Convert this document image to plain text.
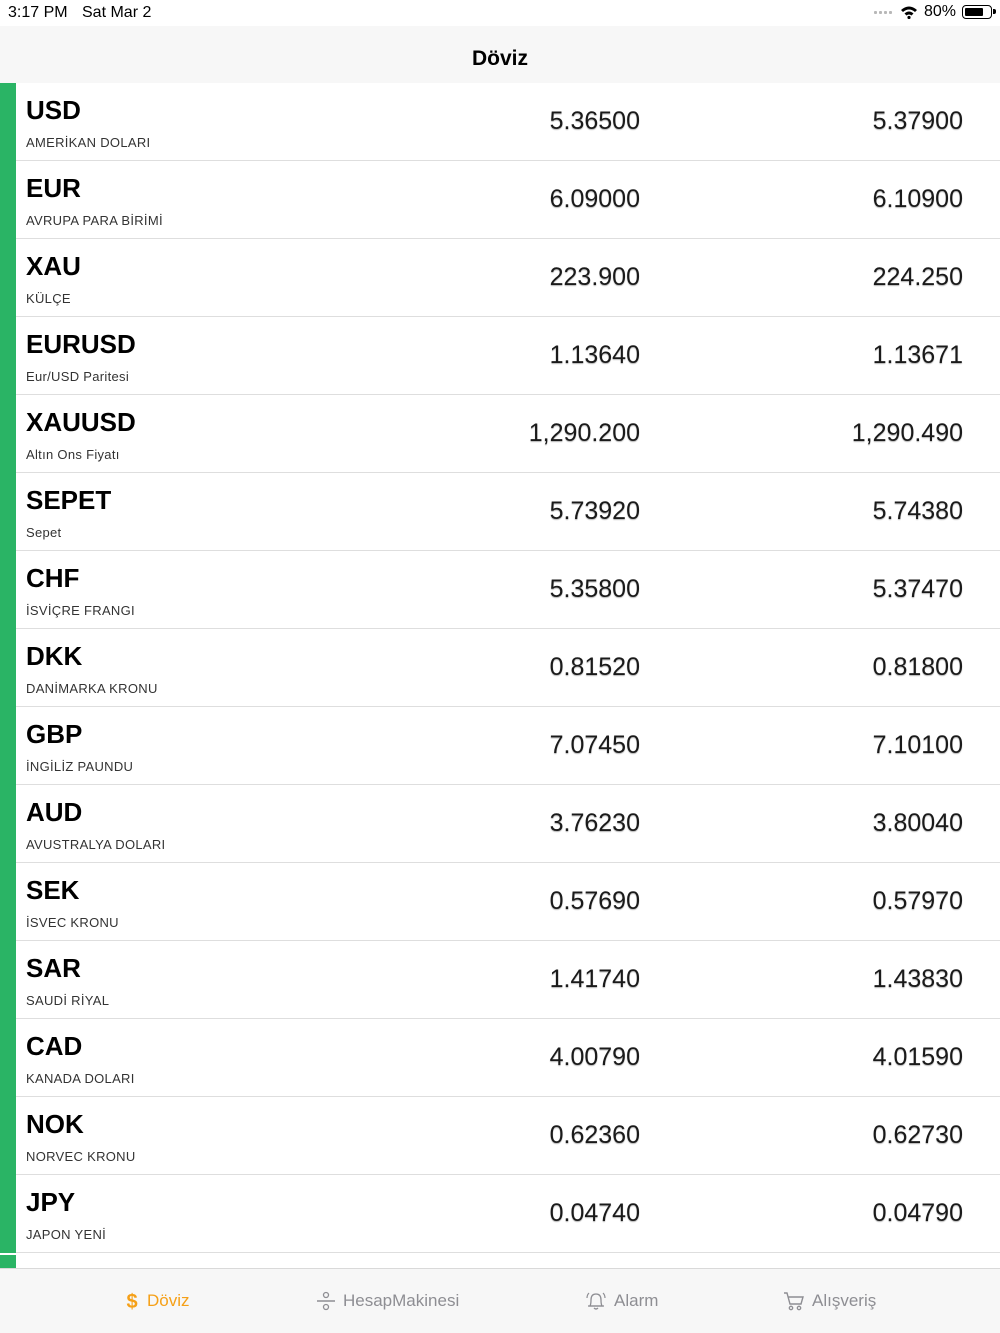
3:17 PM Sat Mar 2	80%
Döviz
USD
AMERİKAN DOLARI
5.36500	5.37900
EUR
AVRUPA PARA BİRİMİ
6.09000	6.10900
XAU
KÜLÇE
223.900	224.250
EURUSD
Eur/USD Paritesi
1.13640	1.13671
XAUUSD
Altın Ons Fiyatı
1,290.200	1,290.490
SEPET
Sepet
5.73920	5.74380
CHF
İSVİÇRE FRANGI
5.35800	5.37470
DKK
DANİMARKA KRONU
0.81520	0.81800
GBP
İNGİLİZ PAUNDU
7.07450	7.10100
AUD
AVUSTRALYA DOLARI
3.76230	3.80040
SEK
İSVEC KRONU
0.57690	0.57970
SAR
SAUDİ RİYAL
1.41740	1.43830
CAD
KANADA DOLARI
4.00790	4.01590
NOK
NORVEC KRONU
0.62360	0.62730
JPY
JAPON YENİ
0.04740	0.04790
$ Döviz	HesapMakinesi	Alarm	Alışveriş
